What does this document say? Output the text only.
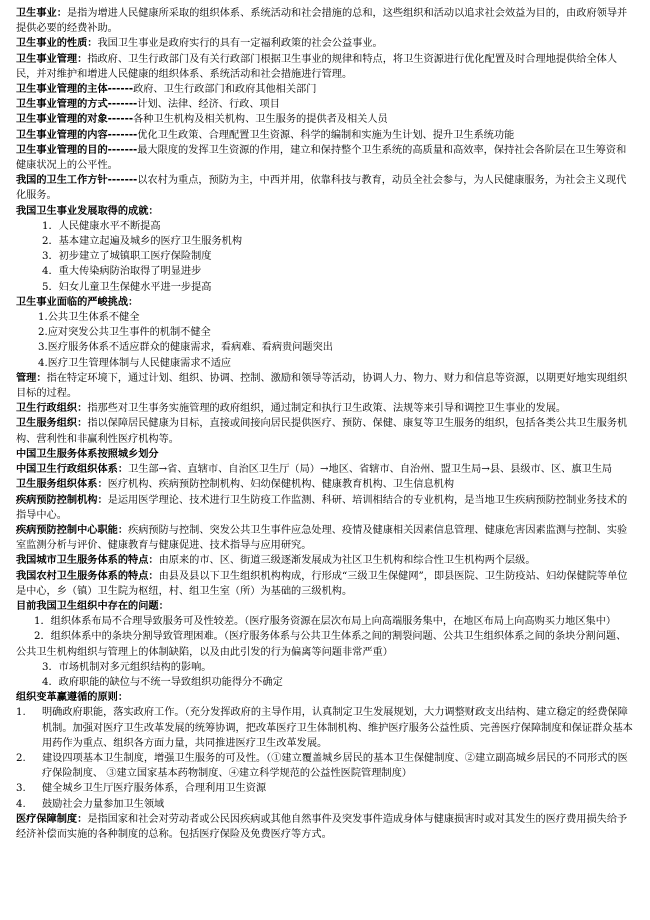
卫生事业：是指为增进人民健康所采取的组织体系、系统活动和社会措施的总和，这些组织和活动以追求社会效益为目的，由政府领导并提供必要的经费补助。

卫生事业的性质：我国卫生事业是政府实行的具有一定福利政策的社会公益事业。

卫生事业管理：指政府、卫生行政部门及有关行政部门根据卫生事业的规律和特点，将卫生资源进行优化配置及时合理地提供给全体人民，并对维护和增进人民健康的组织体系、系统活动和社会措施进行管理。

卫生事业管理的主体------政府、卫生行政部门和政府其他相关部门

卫生事业管理的方式-------计划、法律、经济、行政、项目

卫生事业管理的对象------各种卫生机构及相关机构、卫生服务的提供者及相关人员

卫生事业管理的内容-------优化卫生政策、合理配置卫生资源、科学的编制和实施为生计划、提升卫生系统功能

卫生事业管理的目的-------最大限度的发挥卫生资源的作用，建立和保持整个卫生系统的高质量和高效率，保持社会各阶层在卫生筹资和健康状况上的公平性。

我国的卫生工作方针-------以农村为重点，预防为主，中西并用，依靠科技与教育，动员全社会参与，为人民健康服务，为社会主义现代化服务。

我国卫生事业发展取得的成就：

1．人民健康水平不断提高

2．基本建立起遍及城乡的医疗卫生服务机构

3．初步建立了城镇职工医疗保险制度

4．重大传染病防治取得了明显进步

5．妇女儿童卫生保健水平进一步提高

卫生事业面临的严峻挑战：

1.公共卫生体系不健全

2.应对突发公共卫生事件的机制不健全

3.医疗服务体系不适应群众的健康需求，看病难、看病贵问题突出

4.医疗卫生管理体制与人民健康需求不适应

管理：指在特定环境下，通过计划、组织、协调、控制、激励和领导等活动，协调人力、物力、财力和信息等资源，以期更好地实现组织目标的过程。

卫生行政组织：指那些对卫生事务实施管理的政府组织，通过制定和执行卫生政策、法规等来引导和调控卫生事业的发展。

卫生服务组织：指以保障居民健康为目标，直接或间接向居民提供医疗、预防、保健、康复等卫生服务的组织，包括各类公共卫生服务机构、营利性和非赢利性医疗机构等。

中国卫生服务体系按照城乡划分

中国卫生行政组织体系：卫生部→省、直辖市、自治区卫生厅（局）→地区、省辖市、自治州、盟卫生局→县、县级市、区、旗卫生局

卫生服务组织体系：医疗机构、疾病预防控制机构、妇幼保健机构、健康教育机构、卫生信息机构

疾病预防控制机构：是运用医学理论、技术进行卫生防疫工作监测、科研、培训相结合的专业机构，是当地卫生疾病预防控制业务技术的指导中心。

疾病预防控制中心职能：疾病预防与控制、突发公共卫生事件应急处理、疫情及健康相关因素信息管理、健康危害因素监测与控制、实验室监测分析与评价、健康教育与健康促进、技术指导与应用研究。

我国城市卫生服务体系的特点：由原来的市、区、街道三级逐渐发展成为社区卫生机构和综合性卫生机构两个层级。

我国农村卫生服务体系的特点：由县及县以下卫生组织机构构成，行形成“三级卫生保健网”，即县医院、卫生防疫站、妇幼保健院等单位是中心，乡（镇）卫生院为枢纽，村、组卫生室（所）为基础的三级机构。

目前我国卫生组织中存在的问题：

1．组织体系布局不合理导致服务可及性较差。（医疗服务资源在层次布局上向高端服务集中，在地区布局上向高购买力地区集中）

2．组织体系中的条块分割导致管理困难。（医疗服务体系与公共卫生体系之间的割裂问题、公共卫生组织体系之间的条块分割问题、公共卫生机构组织与管理上的体制缺陷，以及由此引发的行为偏离等问题非常严重）

3．市场机制对多元组织结构的影响。

4．政府职能的缺位与不统一导致组织功能得分不确定

组织变革赢遵循的原则：

1.	明确政府职能，落实政府工作。（充分发挥政府的主导作用，认真制定卫生发展规划，大力调整财政支出结构、建立稳定的经费保障机制。加强对医疗卫生改革发展的统筹协调，把改革医疗卫生体制机构、维护医疗服务公益性质、完善医疗保障制度和保证群众基本用药作为重点、组织各方面力量，共同推进医疗卫生改革发展。
2.	建设四项基本卫生制度，增强卫生服务的可及性。（①建立覆盖城乡居民的基本卫生保健制度、②建立副高城乡居民的不同形式的医疗保险制度、 ③建立国家基本药物制度、④建立科学规范的公益性医院管理制度）
3.	健全城乡卫生厅医疗服务体系，合理利用卫生资源
4.	鼓励社会力量参加卫生领域

医疗保障制度：是指国家和社会对劳动者或公民因疾病或其他自然事件及突发事件造成身体与健康损害时或对其发生的医疗费用损失给予经济补偿而实施的各种制度的总称。包括医疗保险及免费医疗等方式。
